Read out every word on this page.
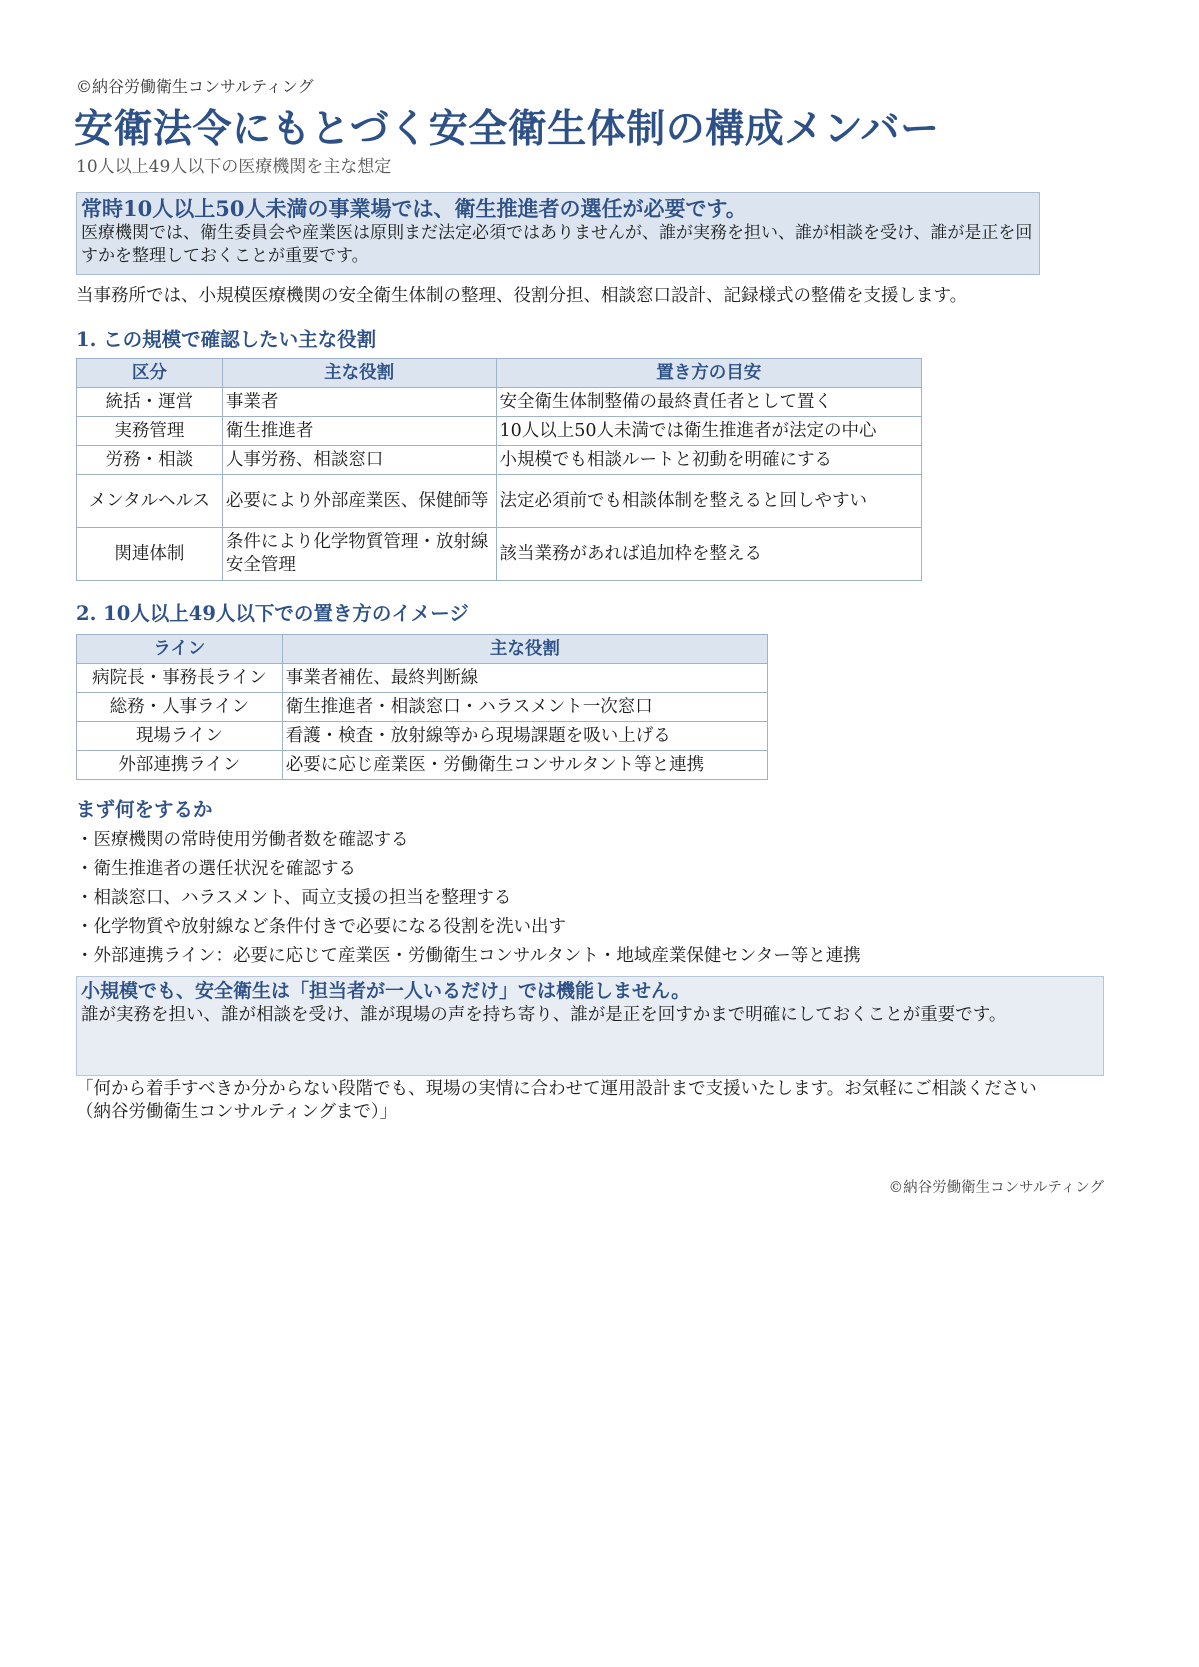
©納谷労働衛生コンサルティング
安衛法令にもとづく安全衛生体制の構成メンバー
10人以上49人以下の医療機関を主な想定
常時10人以上50人未満の事業場では、衛生推進者の選任が必要です。
医療機関では、衛生委員会や産業医は原則まだ法定必須ではありませんが、誰が実務を担い、誰が相談を受け、誰が是正を回すかを整理しておくことが重要です。
当事務所では、小規模医療機関の安全衛生体制の整理、役割分担、相談窓口設計、記録様式の整備を支援します。
1. この規模で確認したい主な役割
区分	主な役割	置き方の目安
統括・運営	事業者	安全衛生体制整備の最終責任者として置く
実務管理	衛生推進者	10人以上50人未満では衛生推進者が法定の中心
労務・相談	人事労務、相談窓口	小規模でも相談ルートと初動を明確にする
メンタルヘルス	必要により外部産業医、保健師等	法定必須前でも相談体制を整えると回しやすい
関連体制	条件により化学物質管理・放射線安全管理	該当業務があれば追加枠を整える
2. 10人以上49人以下での置き方のイメージ
ライン	主な役割
病院長・事務長ライン	事業者補佐、最終判断線
総務・人事ライン	衛生推進者・相談窓口・ハラスメント一次窓口
現場ライン	看護・検査・放射線等から現場課題を吸い上げる
外部連携ライン	必要に応じ産業医・労働衛生コンサルタント等と連携
まず何をするか
・医療機関の常時使用労働者数を確認する
・衛生推進者の選任状況を確認する
・相談窓口、ハラスメント、両立支援の担当を整理する
・化学物質や放射線など条件付きで必要になる役割を洗い出す
・外部連携ライン：必要に応じて産業医・労働衛生コンサルタント・地域産業保健センター等と連携
小規模でも、安全衛生は「担当者が一人いるだけ」では機能しません。
誰が実務を担い、誰が相談を受け、誰が現場の声を持ち寄り、誰が是正を回すかまで明確にしておくことが重要です。
「何から着手すべきか分からない段階でも、現場の実情に合わせて運用設計まで支援いたします。お気軽にご相談ください
（納谷労働衛生コンサルティングまで）」
©納谷労働衛生コンサルティング
